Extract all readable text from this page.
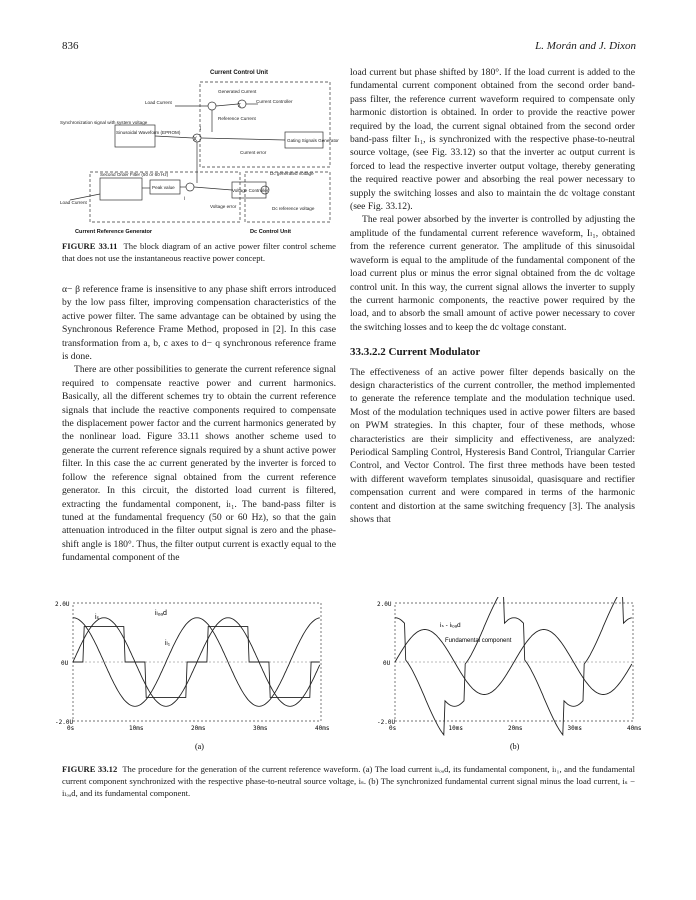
836	L. Morán and J. Dixon
Current Control Unit
Generated Current
Load Current	Current Controller
Reference Current
Synchronization signal with system voltage
Sinusoidal Waveform (EPROM)
i
X
Current error
Gating Signals Generator
Dc generated voltage
Second Order Filter (50 or 60 Hz)
Peak value
Voltage Controller
Voltage error	Dc reference voltage
Load Current
i
Σ
Current Reference Generator	Dc Control Unit
FIGURE 33.11 The block diagram of an active power filter control scheme that does not use the instantaneous reactive power concept.

α− β reference frame is insensitive to any phase shift errors introduced by the low pass filter, improving compensation characteristics of the active power filter. The same advantage can be obtained by using the Synchronous Reference Frame Method, proposed in [2]. In this case transformation from a, b, c axes to d− q synchronous reference frame is done.

There are other possibilities to generate the current reference signal required to compensate reactive power and current harmonics. Basically, all the different schemes try to obtain the current reference signals that include the reactive components required to compensate the displacement power factor and the current harmonics generated by the nonlinear load. Figure 33.11 shows another scheme used to generate the current reference signals required by a shunt active power filter. In this case the ac current generated by the inverter is forced to follow the reference signal obtained from the current reference generator. In this circuit, the distorted load current is filtered, extracting the fundamental component, iₗ₁. The band-pass filter is tuned at the fundamental frequency (50 or 60 Hz), so that the gain attenuation introduced in the filter output signal is zero and the phase-shift angle is 180°. Thus, the filter output current is exactly equal to the fundamental component of the

load current but phase shifted by 180°. If the load current is added to the fundamental current component obtained from the second order band-pass filter, the reference current waveform required to compensate only harmonic distortion is obtained. In order to provide the reactive power required by the load, the current signal obtained from the second order band-pass filter Iₗ₁, is synchronized with the respective phase-to-neutral source voltage, (see Fig. 33.12) so that the inverter ac output current is forced to lead the respective inverter output voltage, thereby generating the required reactive power and absorbing the real power necessary to supply the switching losses and also to maintain the dc voltage constant (see Fig. 33.12).

The real power absorbed by the inverter is controlled by adjusting the amplitude of the fundamental current reference waveform, Iₗ₁, obtained from the reference current generator. The amplitude of this sinusoidal waveform is equal to the amplitude of the fundamental component of the load current plus or minus the error signal obtained from the dc voltage control unit. In this way, the current signal allows the inverter to supply the current harmonic components, the reactive power required by the load, and to absorb the small amount of active power necessary to cover the switching losses and to keep the dc voltage constant.

33.3.2.2 Current Modulator

The effectiveness of an active power filter depends basically on the design characteristics of the current controller, the method implemented to generate the reference template and the modulation technique used. Most of the modulation techniques used in active power filters are based on PWM strategies. In this chapter, four of these methods, whose characteristics are their simplicity and effectiveness, are analyzed: Periodical Sampling Control, Hysteresis Band Control, Triangular Carrier Control, and Vector Control. The first three methods have been tested with different waveform templates sinusoidal, quasisquare and rectifier compensation current and were compared in terms of the harmonic content and distortion at the same switching frequency [3]. The analysis shows that

2.0U
0U
-2.0U
0s	10ms	20ms	30ms	40ms
iₛ
iₗₒₐd
iₗ₁
(a)
2.0U
0U
-2.0U
0s	10ms	20ms	30ms	40ms
iₛ - iₗₒₐd
Fundamental component
(b)
FIGURE 33.12 The procedure for the generation of the current reference waveform. (a) The load current iₗₒₐd, its fundamental component, iₗ₁, and the fundamental current component synchronized with the respective phase-to-neutral source voltage, iₛ. (b) The synchronized fundamental current signal minus the load current, iₛ − iₗₒₐd, and its fundamental component.
